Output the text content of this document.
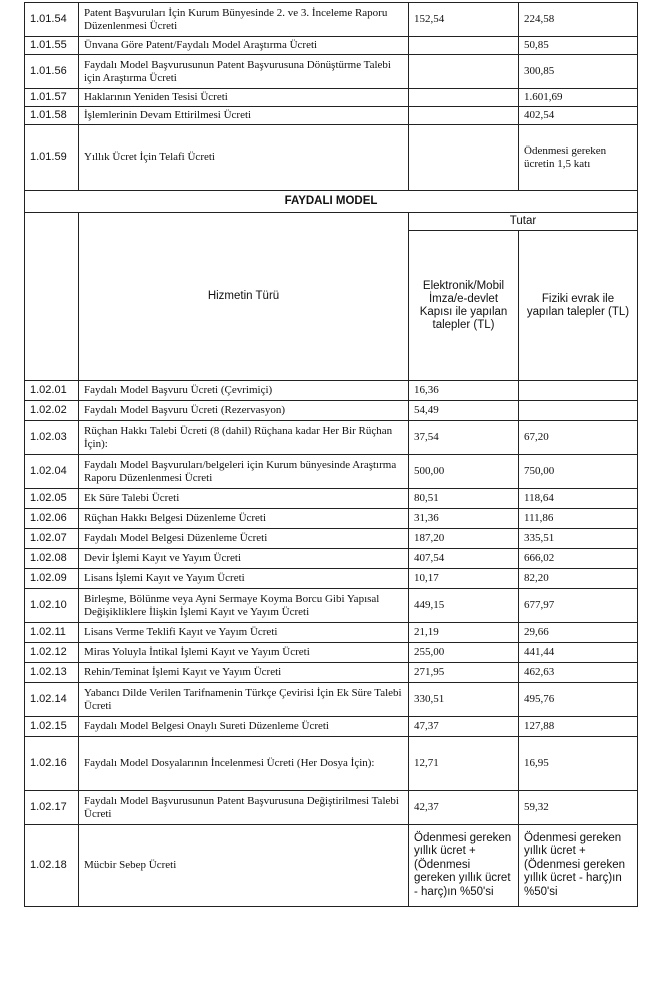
1.01.54	Patent Başvuruları İçin Kurum Bünyesinde 2. ve 3. İnceleme Raporu Düzenlenmesi Ücreti	152,54	224,58
1.01.55	Ünvana Göre Patent/Faydalı Model Araştırma Ücreti		50,85
1.01.56	Faydalı Model Başvurusunun Patent Başvurusuna Dönüştürme Talebi için Araştırma Ücreti		300,85
1.01.57	Haklarının Yeniden Tesisi Ücreti		1.601,69
1.01.58	İşlemlerinin Devam Ettirilmesi Ücreti		402,54
1.01.59	Yıllık Ücret İçin Telafi Ücreti		Ödenmesi gereken ücretin 1,5 katı
FAYDALI MODEL			
	Hizmetin Türü	Tutar	
		Elektronik/Mobil İmza/e-devlet Kapısı ile yapılan talepler (TL)	Fiziki evrak ile yapılan talepler (TL)
1.02.01	Faydalı Model Başvuru Ücreti (Çevrimiçi)	16,36	
1.02.02	Faydalı Model Başvuru Ücreti (Rezervasyon)	54,49	
1.02.03	Rüçhan Hakkı Talebi Ücreti (8 (dahil) Rüçhana kadar Her Bir Rüçhan İçin):	37,54	67,20
1.02.04	Faydalı Model Başvuruları/belgeleri için Kurum bünyesinde Araştırma Raporu Düzenlenmesi Ücreti	500,00	750,00
1.02.05	Ek Süre Talebi Ücreti	80,51	118,64
1.02.06	Rüçhan Hakkı Belgesi Düzenleme Ücreti	31,36	111,86
1.02.07	Faydalı Model Belgesi Düzenleme Ücreti	187,20	335,51
1.02.08	Devir İşlemi Kayıt ve Yayım Ücreti	407,54	666,02
1.02.09	Lisans İşlemi Kayıt ve Yayım Ücreti	10,17	82,20
1.02.10	Birleşme, Bölünme veya Ayni Sermaye Koyma Borcu Gibi Yapısal Değişikliklere İlişkin İşlemi Kayıt ve Yayım Ücreti	449,15	677,97
1.02.11	Lisans Verme Teklifi Kayıt ve Yayım Ücreti	21,19	29,66
1.02.12	Miras Yoluyla İntikal İşlemi Kayıt ve Yayım Ücreti	255,00	441,44
1.02.13	Rehin/Teminat İşlemi Kayıt ve Yayım Ücreti	271,95	462,63
1.02.14	Yabancı Dilde Verilen Tarifnamenin Türkçe Çevirisi İçin Ek Süre Talebi Ücreti	330,51	495,76
1.02.15	Faydalı Model Belgesi Onaylı Sureti Düzenleme Ücreti	47,37	127,88
1.02.16	Faydalı Model Dosyalarının İncelenmesi Ücreti (Her Dosya İçin):	12,71	16,95
1.02.17	Faydalı Model Başvurusunun Patent Başvurusuna Değiştirilmesi Talebi Ücreti	42,37	59,32
1.02.18	Mücbir Sebep Ücreti	Ödenmesi gereken yıllık ücret + (Ödenmesi gereken yıllık ücret - harç)ın %50'si	Ödenmesi gereken yıllık ücret + (Ödenmesi gereken yıllık ücret - harç)ın %50'si
